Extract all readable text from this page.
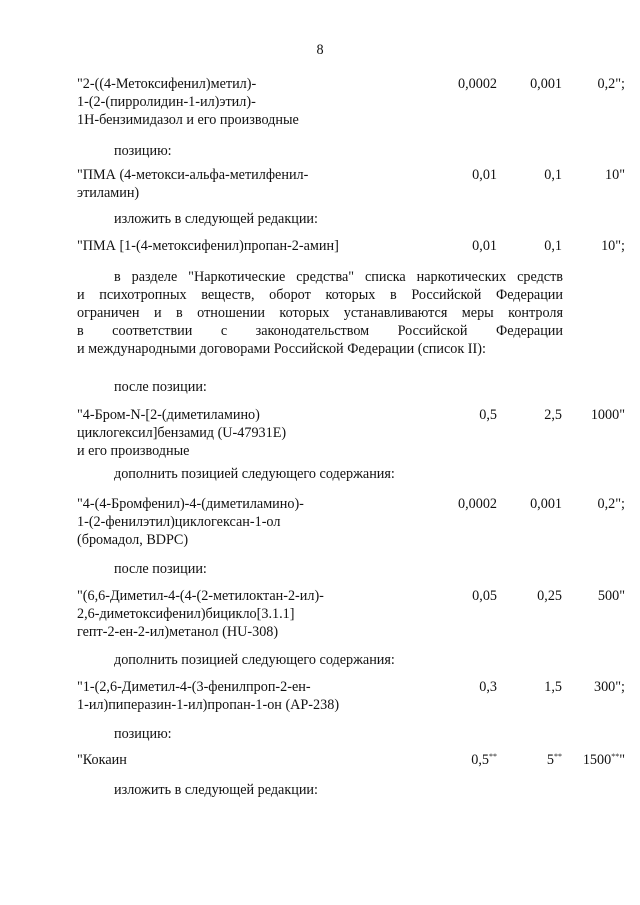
8
"2-((4-Метоксифенил)метил)-
1-(2-(пирролидин-1-ил)этил)-
1Н-бензимидазол и его производные
0,0002	0,001	0,2";
позицию:
"ПМА (4-метокси-альфа-метилфенил-
этиламин)
0,01	0,1	10"
изложить в следующей редакции:
"ПМА [1-(4-метоксифенил)пропан-2-амин]	0,01	0,1	10";
в разделе "Наркотические средства" списка наркотических средств
и психотропных веществ, оборот которых в Российской Федерации
ограничен и в отношении которых устанавливаются меры контроля
в соответствии с законодательством Российской Федерации
и международными договорами Российской Федерации (список II):
после позиции:
"4-Бром-N-[2-(диметиламино)
циклогексил]бензамид (U-47931E)
и его производные
0,5	2,5	1000"
дополнить позицией следующего содержания:
"4-(4-Бромфенил)-4-(диметиламино)-
1-(2-фенилэтил)циклогексан-1-ол
(бромадол, BDPC)
0,0002	0,001	0,2";
после позиции:
"(6,6-Диметил-4-(4-(2-метилоктан-2-ил)-
2,6-диметоксифенил)бицикло[3.1.1]
гепт-2-ен-2-ил)метанол (HU-308)
0,05	0,25	500"
дополнить позицией следующего содержания:
"1-(2,6-Диметил-4-(3-фенилпроп-2-ен-
1-ил)пиперазин-1-ил)пропан-1-он (АР-238)
0,3	1,5	300";
позицию:
"Кокаин	0,5**	5**	1500**"
изложить в следующей редакции:
